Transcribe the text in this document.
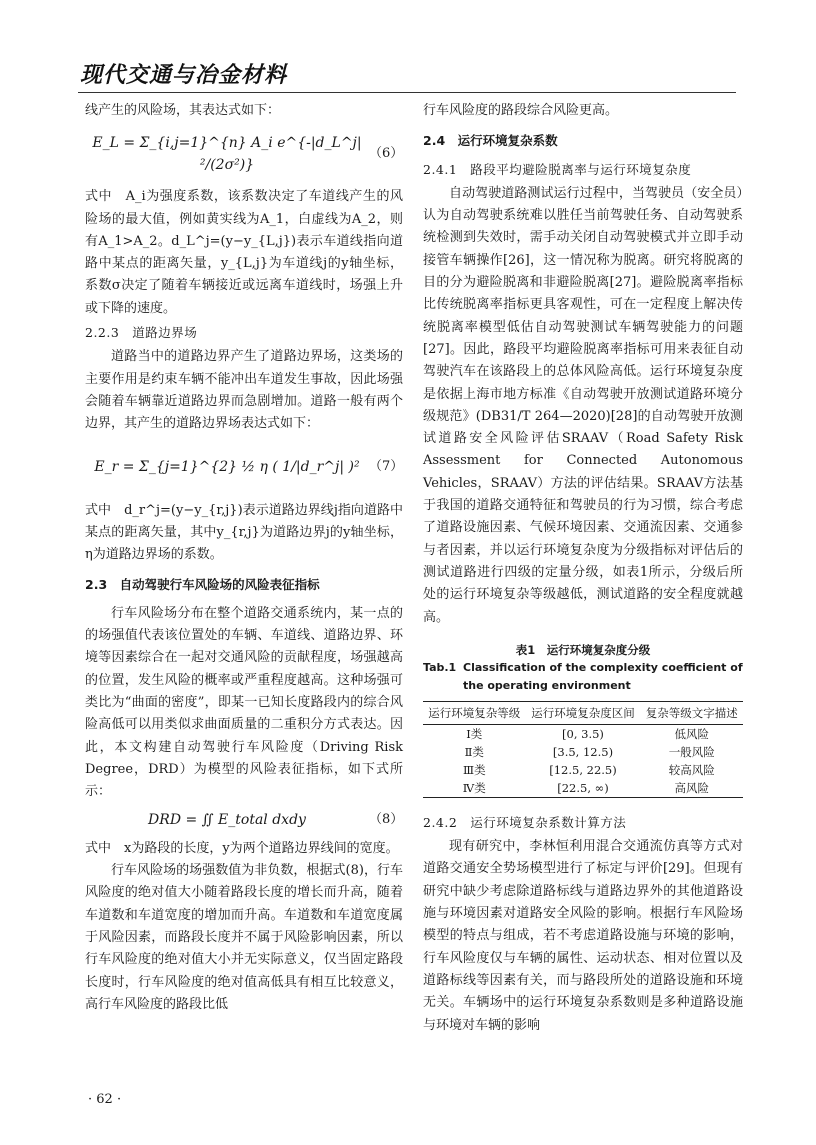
现代交通与冶金材料

线产生的风险场，其表达式如下：

E_L = Σ_{i,j=1}^{n} A_i e^{-|d_L^j|²/(2σ²)}
（6）

式中　A_i为强度系数，该系数决定了车道线产生的风险场的最大值，例如黄实线为A_1，白虚线为A_2，则有A_1>A_2。d_L^j=(y−y_{L,j})表示车道线指向道路中某点的距离矢量，y_{L,j}为车道线j的y轴坐标，系数σ决定了随着车辆接近或远离车道线时，场强上升或下降的速度。

2.2.3　道路边界场

道路当中的道路边界产生了道路边界场，这类场的主要作用是约束车辆不能冲出车道发生事故，因此场强会随着车辆靠近道路边界而急剧增加。道路一般有两个边界，其产生的道路边界场表达式如下：

E_r = Σ_{j=1}^{2} ½ η ( 1/|d_r^j| )² （7）

式中　d_r^j=(y−y_{r,j})表示道路边界线j指向道路中某点的距离矢量，其中y_{r,j}为道路边界j的y轴坐标，η为道路边界场的系数。

2.3　自动驾驶行车风险场的风险表征指标

行车风险场分布在整个道路交通系统内，某一点的的场强值代表该位置处的车辆、车道线、道路边界、环境等因素综合在一起对交通风险的贡献程度，场强越高的位置，发生风险的概率或严重程度越高。这种场强可类比为“曲面的密度”，即某一已知长度路段内的综合风险高低可以用类似求曲面质量的二重积分方式表达。因此，本文构建自动驾驶行车风险度（Driving Risk Degree，DRD）为模型的风险表征指标，如下式所示：

DRD = ∬ E_total dxdy	（8）

式中　x为路段的长度，y为两个道路边界线间的宽度。

行车风险场的场强数值为非负数，根据式(8)，行车风险度的绝对值大小随着路段长度的增长而升高，随着车道数和车道宽度的增加而升高。车道数和车道宽度属于风险因素，而路段长度并不属于风险影响因素，所以行车风险度的绝对值大小并无实际意义，仅当固定路段长度时，行车风险度的绝对值高低具有相互比较意义，高行车风险度的路段比低

行车风险度的路段综合风险更高。

2.4　运行环境复杂系数
2.4.1　路段平均避险脱离率与运行环境复杂度

自动驾驶道路测试运行过程中，当驾驶员（安全员）认为自动驾驶系统难以胜任当前驾驶任务、自动驾驶系统检测到失效时，需手动关闭自动驾驶模式并立即手动接管车辆操作[26]，这一情况称为脱离。研究将脱离的目的分为避险脱离和非避险脱离[27]。避险脱离率指标比传统脱离率指标更具客观性，可在一定程度上解决传统脱离率模型低估自动驾驶测试车辆驾驶能力的问题[27]。因此，路段平均避险脱离率指标可用来表征自动驾驶汽车在该路段上的总体风险高低。运行环境复杂度是依据上海市地方标准《自动驾驶开放测试道路环境分级规范》(DB31/T 264—2020)[28]的自动驾驶开放测试道路安全风险评估SRAAV（Road Safety Risk Assessment for Connected Autonomous Vehicles，SRAAV）方法的评估结果。SRAAV方法基于我国的道路交通特征和驾驶员的行为习惯，综合考虑了道路设施因素、气候环境因素、交通流因素、交通参与者因素，并以运行环境复杂度为分级指标对评估后的测试道路进行四级的定量分级，如表1所示，分级后所处的运行环境复杂等级越低，测试道路的安全程度就越高。

表1　运行环境复杂度分级
Tab.1 Classification of the complexity coefficient of the operating environment
运行环境复杂等级	运行环境复杂度区间	复杂等级文字描述
Ⅰ类	[0, 3.5)	低风险
Ⅱ类	[3.5, 12.5)	一般风险
Ⅲ类	[12.5, 22.5)	较高风险
Ⅳ类	[22.5, ∞)	高风险
2.4.2　运行环境复杂系数计算方法

现有研究中，李林恒利用混合交通流仿真等方式对道路交通安全势场模型进行了标定与评价[29]。但现有研究中缺少考虑除道路标线与道路边界外的其他道路设施与环境因素对道路安全风险的影响。根据行车风险场模型的特点与组成，若不考虑道路设施与环境的影响，行车风险度仅与车辆的属性、运动状态、相对位置以及道路标线等因素有关，而与路段所处的道路设施和环境无关。车辆场中的运行环境复杂系数则是多种道路设施与环境对车辆的影响

· 62 ·
